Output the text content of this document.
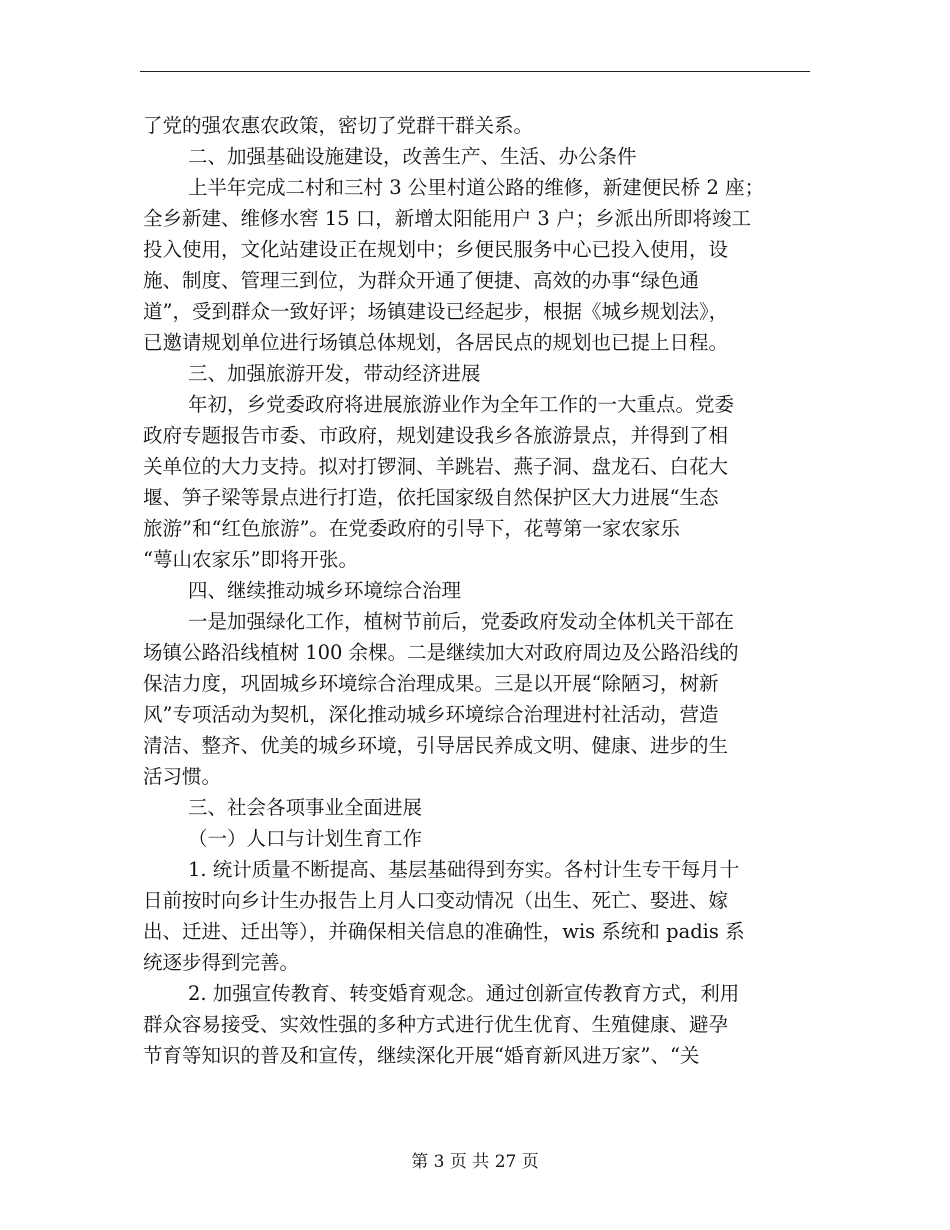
了党的强农惠农政策，密切了党群干群关系。
二、加强基础设施建设，改善生产、生活、办公条件
上半年完成二村和三村 3 公里村道公路的维修，新建便民桥 2 座；
全乡新建、维修水窖 15 口，新增太阳能用户 3 户；乡派出所即将竣工
投入使用，文化站建设正在规划中；乡便民服务中心已投入使用，设
施、制度、管理三到位，为群众开通了便捷、高效的办事“绿色通
道”，受到群众一致好评；场镇建设已经起步，根据《城乡规划法》，
已邀请规划单位进行场镇总体规划，各居民点的规划也已提上日程。
三、加强旅游开发，带动经济进展
年初，乡党委政府将进展旅游业作为全年工作的一大重点。党委
政府专题报告市委、市政府，规划建设我乡各旅游景点，并得到了相
关单位的大力支持。拟对打锣洞、羊跳岩、燕子洞、盘龙石、白花大
堰、笋子梁等景点进行打造，依托国家级自然保护区大力进展“生态
旅游”和“红色旅游”。在党委政府的引导下，花萼第一家农家乐
“萼山农家乐”即将开张。
四、继续推动城乡环境综合治理
一是加强绿化工作，植树节前后，党委政府发动全体机关干部在
场镇公路沿线植树 100 余棵。二是继续加大对政府周边及公路沿线的
保洁力度，巩固城乡环境综合治理成果。三是以开展“除陋习，树新
风”专项活动为契机，深化推动城乡环境综合治理进村社活动，营造
清洁、整齐、优美的城乡环境，引导居民养成文明、健康、进步的生
活习惯。
三、社会各项事业全面进展
（一）人口与计划生育工作
1. 统计质量不断提高、基层基础得到夯实。各村计生专干每月十
日前按时向乡计生办报告上月人口变动情况（出生、死亡、娶进、嫁
出、迁进、迁出等），并确保相关信息的准确性，wis 系统和 padis 系
统逐步得到完善。
2. 加强宣传教育、转变婚育观念。通过创新宣传教育方式，利用
群众容易接受、实效性强的多种方式进行优生优育、生殖健康、避孕
节育等知识的普及和宣传，继续深化开展“婚育新风进万家”、“关
第 3 页 共 27 页
